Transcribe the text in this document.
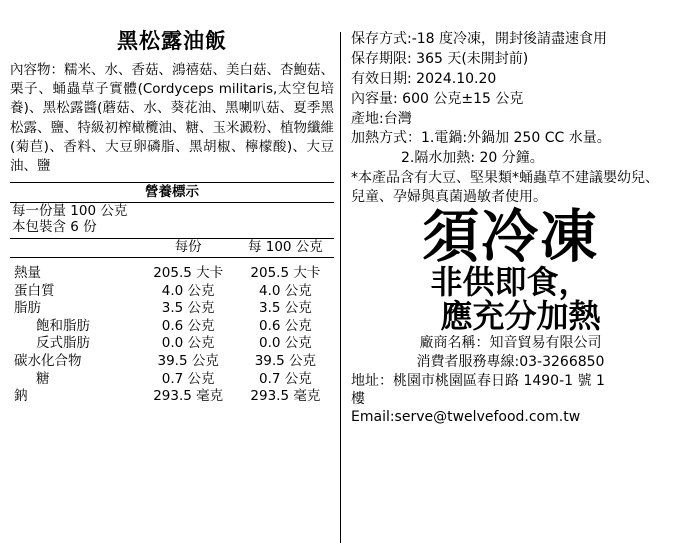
黑松露油飯
內容物：糯米、水、香菇、鴻禧菇、美白菇、杏鮑菇、栗子、蛹蟲草子實體(Cordyceps militaris,太空包培養)、黑松露醬(蘑菇、水、葵花油、黑喇叭菇、夏季黑松露、鹽、特級初榨橄欖油、糖、玉米澱粉、植物纖維(菊苣)、香料、大豆卵磷脂、黑胡椒、檸檬酸)、大豆油、鹽
營養標示
每一份量 100 公克
本包裝含 6 份
	每份	每 100 公克

熱量	205.5 大卡	205.5 大卡
蛋白質	4.0 公克	4.0 公克
脂肪	3.5 公克	3.5 公克
飽和脂肪	0.6 公克	0.6 公克
反式脂肪	0.0 公克	0.0 公克
碳水化合物	39.5 公克	39.5 公克
糖	0.7 公克	0.7 公克
鈉	293.5 毫克	293.5 毫克
保存方式:-18 度冷凍，開封後請盡速食用
保存期限: 365 天(未開封前)
有效日期: 2024.10.20
內容量: 600 公克±15 公克
產地:台灣
加熱方式：1.電鍋:外鍋加 250 CC 水量。
2.隔水加熱: 20 分鐘。
*本產品含有大豆、堅果類*蛹蟲草不建議嬰幼兒、兒童、孕婦與真菌過敏者使用。
須冷凍
非供即食，
應充分加熱
廠商名稱：知音貿易有限公司
消費者服務專線:03-3266850
地址：桃園市桃園區春日路 1490-1 號 1
樓
Email:serve@twelvefood.com.tw
